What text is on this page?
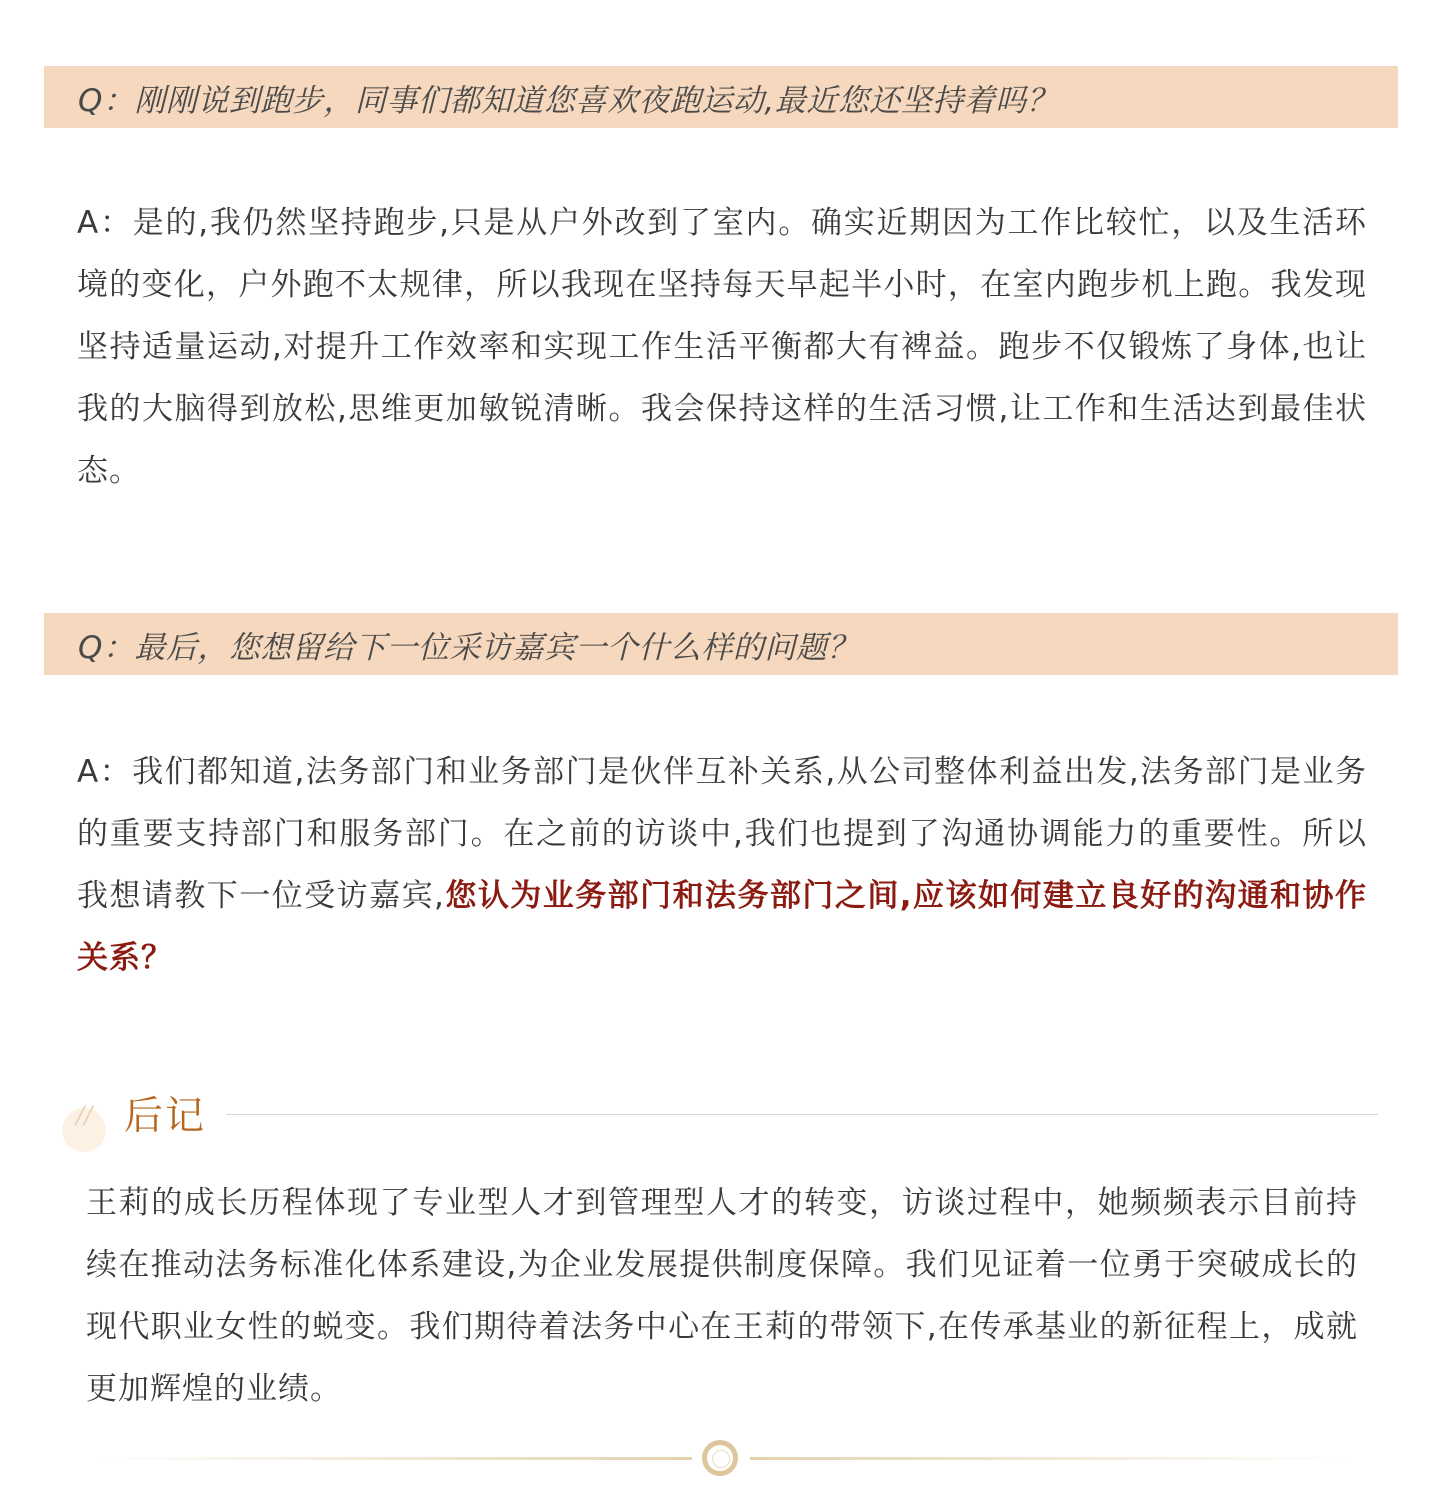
Q：刚刚说到跑步，同事们都知道您喜欢夜跑运动,最近您还坚持着吗？

A：是的,我仍然坚持跑步,只是从户外改到了室内。确实近期因为工作比较忙，以及生活环境的变化，户外跑不太规律，所以我现在坚持每天早起半小时，在室内跑步机上跑。我发现坚持适量运动,对提升工作效率和实现工作生活平衡都大有裨益。跑步不仅锻炼了身体,也让我的大脑得到放松,思维更加敏锐清晰。我会保持这样的生活习惯,让工作和生活达到最佳状态。

Q：最后，您想留给下一位采访嘉宾一个什么样的问题？

A：我们都知道,法务部门和业务部门是伙伴互补关系,从公司整体利益出发,法务部门是业务的重要支持部门和服务部门。在之前的访谈中,我们也提到了沟通协调能力的重要性。所以我想请教下一位受访嘉宾,您认为业务部门和法务部门之间,应该如何建立良好的沟通和协作关系？

// 后记

王莉的成长历程体现了专业型人才到管理型人才的转变，访谈过程中，她频频表示目前持续在推动法务标准化体系建设,为企业发展提供制度保障。我们见证着一位勇于突破成长的现代职业女性的蜕变。我们期待着法务中心在王莉的带领下,在传承基业的新征程上，成就更加辉煌的业绩。
